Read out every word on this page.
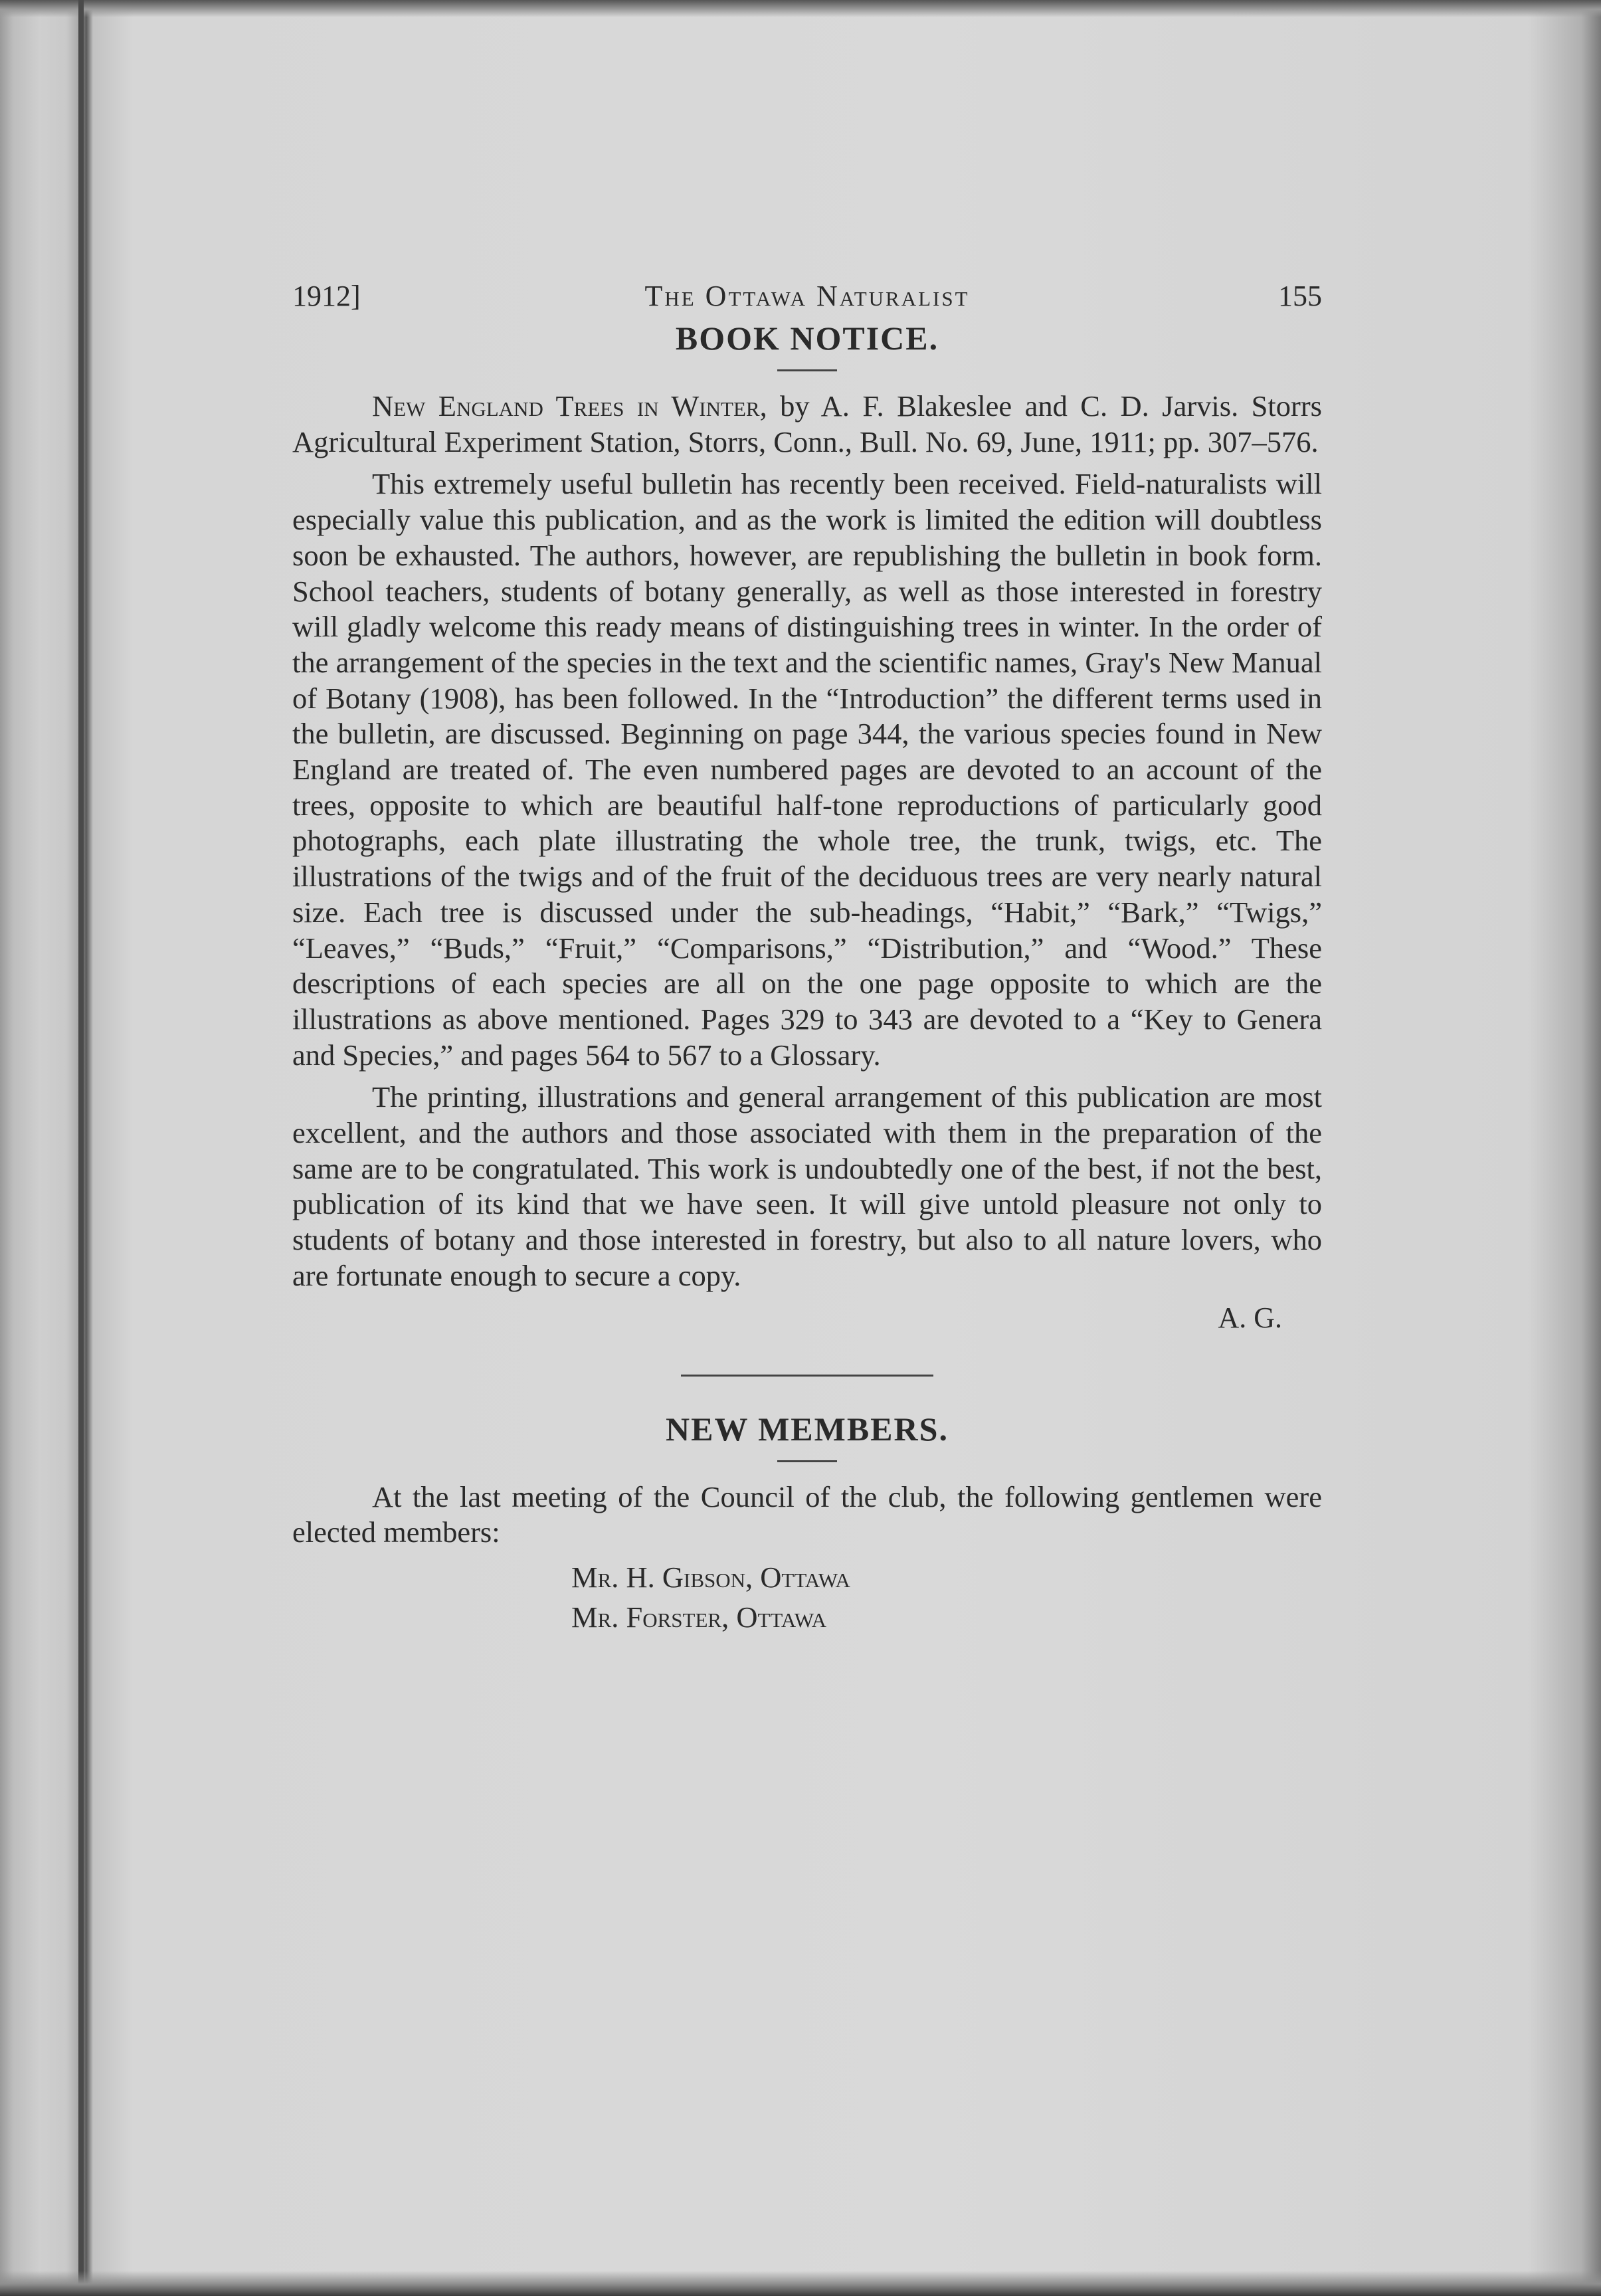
1912]	The Ottawa Naturalist	155
BOOK NOTICE.

New England Trees in Winter, by A. F. Blakeslee and C. D. Jarvis. Storrs Agricultural Experiment Station, Storrs, Conn., Bull. No. 69, June, 1911; pp. 307–576.

This extremely useful bulletin has recently been received. Field-naturalists will especially value this publication, and as the work is limited the edition will doubtless soon be exhausted. The authors, however, are republishing the bulletin in book form. School teachers, students of botany generally, as well as those interested in forestry will gladly welcome this ready means of distinguishing trees in winter. In the order of the arrangement of the species in the text and the scientific names, Gray's New Manual of Botany (1908), has been followed. In the “Introduction” the different terms used in the bulletin, are discussed. Beginning on page 344, the various species found in New England are treated of. The even numbered pages are devoted to an account of the trees, opposite to which are beautiful half-tone reproductions of particularly good photographs, each plate illustrating the whole tree, the trunk, twigs, etc. The illustrations of the twigs and of the fruit of the deciduous trees are very nearly natural size. Each tree is discussed under the sub-headings, “Habit,” “Bark,” “Twigs,” “Leaves,” “Buds,” “Fruit,” “Comparisons,” “Distribution,” and “Wood.” These descriptions of each species are all on the one page opposite to which are the illustrations as above mentioned. Pages 329 to 343 are devoted to a “Key to Genera and Species,” and pages 564 to 567 to a Glossary.

The printing, illustrations and general arrangement of this publication are most excellent, and the authors and those associated with them in the preparation of the same are to be congratulated. This work is undoubtedly one of the best, if not the best, publication of its kind that we have seen. It will give untold pleasure not only to students of botany and those interested in forestry, but also to all nature lovers, who are fortunate enough to secure a copy.

A. G.
NEW MEMBERS.

At the last meeting of the Council of the club, the following gentlemen were elected members:

Mr. H. Gibson, Ottawa
Mr. Forster, Ottawa
